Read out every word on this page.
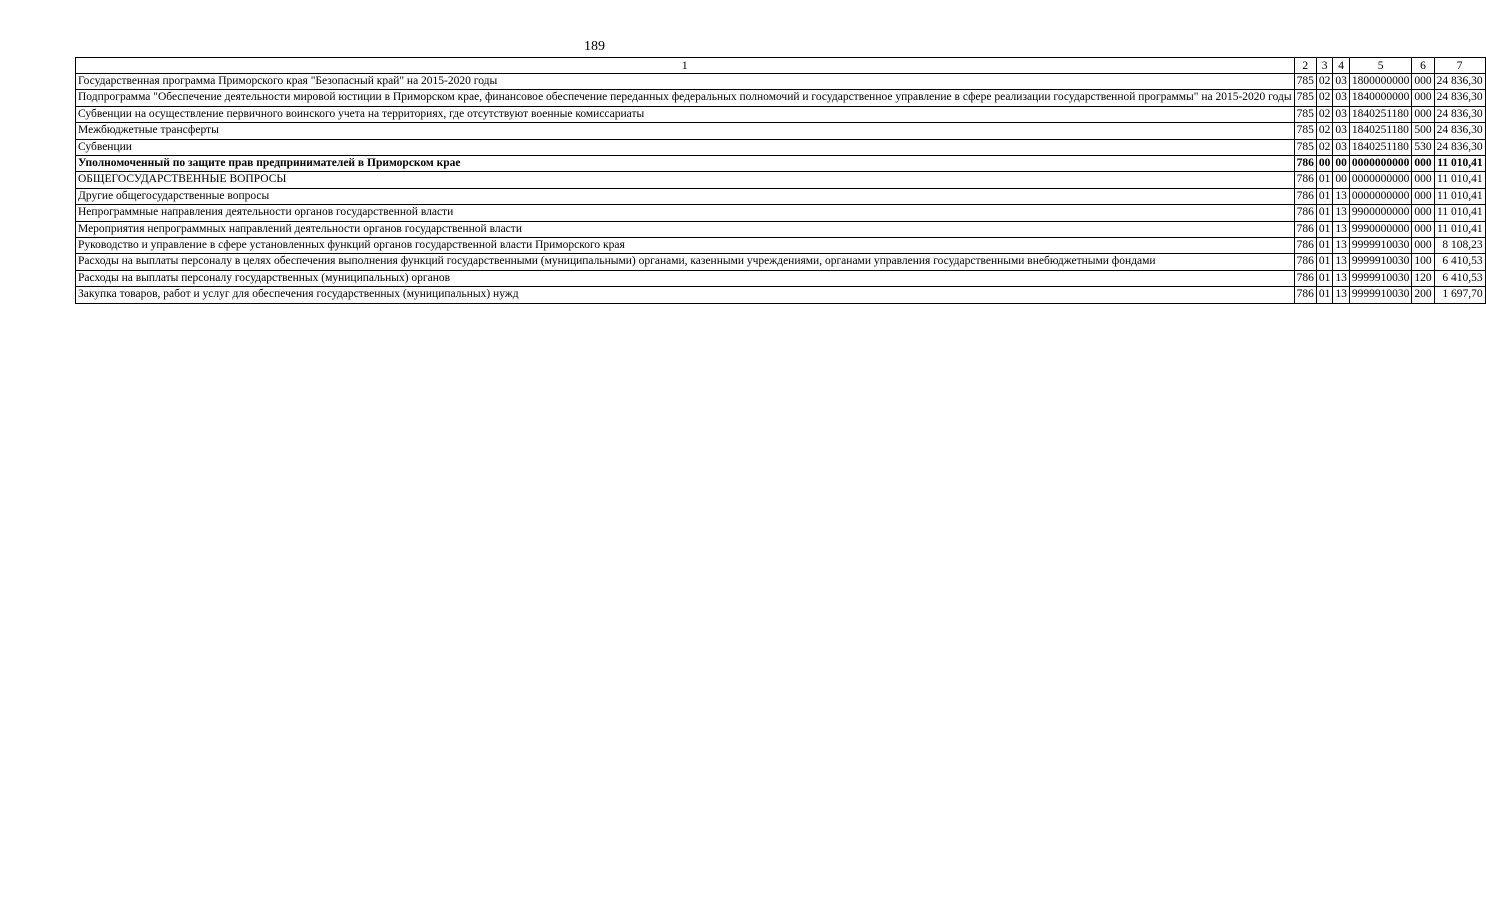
189
1	2	3	4	5	6	7
Государственная программа Приморского края "Безопасный край" на 2015-2020 годы	785	02	03	1800000000	000	24 836,30
Подпрограмма "Обеспечение деятельности мировой юстиции в Приморском крае, финансовое обеспечение переданных федеральных полномочий и государственное управление в сфере реализации государственной программы" на 2015-2020 годы	785	02	03	1840000000	000	24 836,30
Субвенции на осуществление первичного воинского учета на территориях, где отсутствуют военные комиссариаты	785	02	03	1840251180	000	24 836,30
Межбюджетные трансферты	785	02	03	1840251180	500	24 836,30
Субвенции	785	02	03	1840251180	530	24 836,30
Уполномоченный по защите прав предпринимателей в Приморском крае	786	00	00	0000000000	000	11 010,41
ОБЩЕГОСУДАРСТВЕННЫЕ ВОПРОСЫ	786	01	00	0000000000	000	11 010,41
Другие общегосударственные вопросы	786	01	13	0000000000	000	11 010,41
Непрограммные направления деятельности органов государственной власти	786	01	13	9900000000	000	11 010,41
Мероприятия непрограммных направлений деятельности органов государственной власти	786	01	13	9990000000	000	11 010,41
Руководство и управление в сфере установленных функций органов государственной власти Приморского края	786	01	13	9999910030	000	8 108,23
Расходы на выплаты персоналу в целях обеспечения выполнения функций государственными (муниципальными) органами, казенными учреждениями, органами управления государственными внебюджетными фондами	786	01	13	9999910030	100	6 410,53
Расходы на выплаты персоналу государственных (муниципальных) органов	786	01	13	9999910030	120	6 410,53
Закупка товаров, работ и услуг для обеспечения государственных (муниципальных) нужд	786	01	13	9999910030	200	1 697,70
